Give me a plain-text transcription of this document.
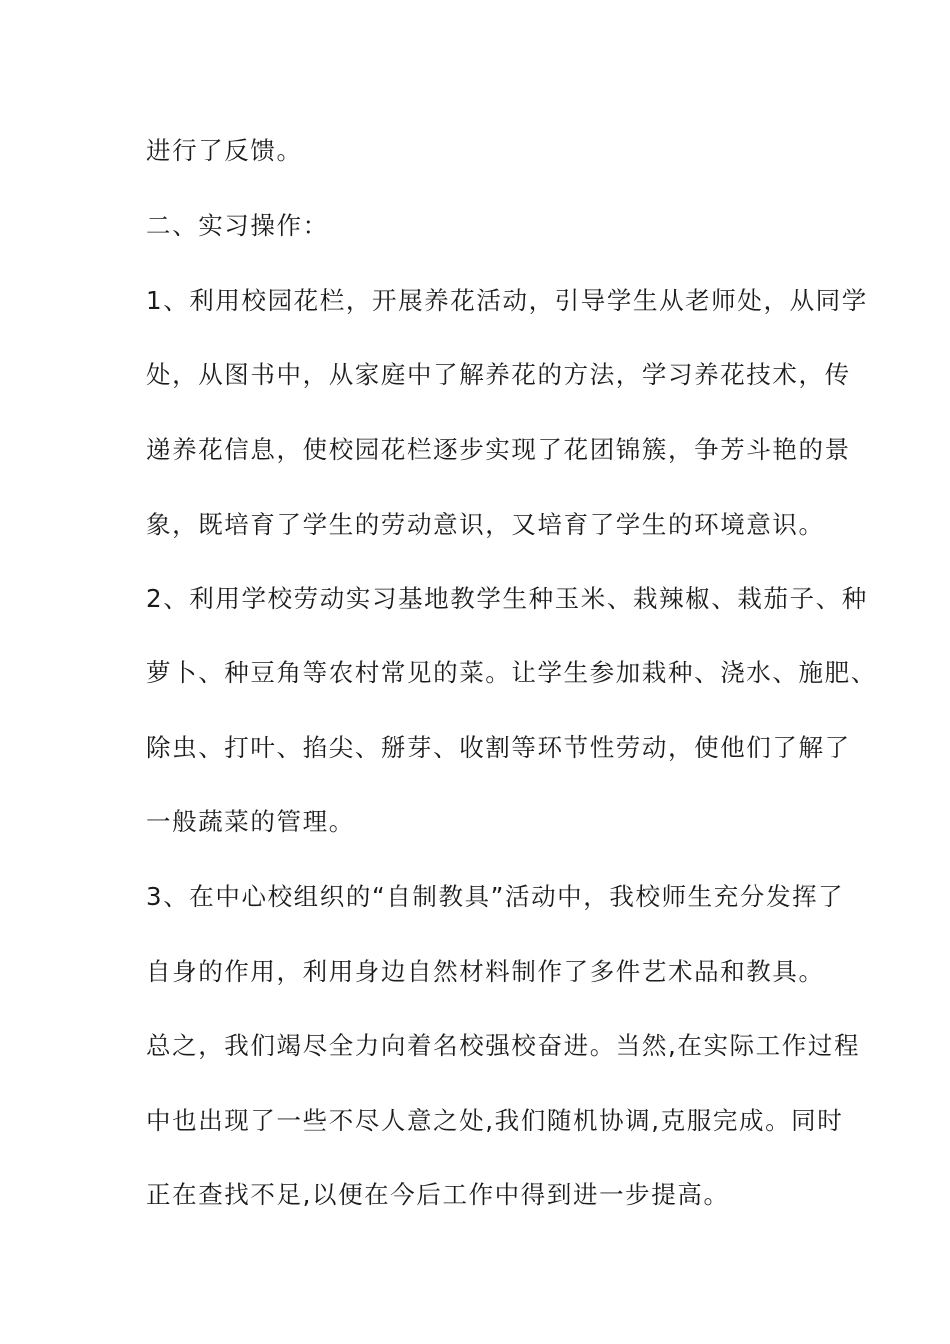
进行了反馈。
二、实习操作：
1、利用校园花栏，开展养花活动，引导学生从老师处，从同学
处，从图书中，从家庭中了解养花的方法，学习养花技术，传
递养花信息，使校园花栏逐步实现了花团锦簇，争芳斗艳的景
象，既培育了学生的劳动意识，又培育了学生的环境意识。
2、利用学校劳动实习基地教学生种玉米、栽辣椒、栽茄子、种
萝卜、种豆角等农村常见的菜。让学生参加栽种、浇水、施肥、
除虫、打叶、掐尖、掰芽、收割等环节性劳动，使他们了解了
一般蔬菜的管理。
3、在中心校组织的“自制教具”活动中，我校师生充分发挥了
自身的作用，利用身边自然材料制作了多件艺术品和教具。
总之，我们竭尽全力向着名校强校奋进。当然,在实际工作过程
中也出现了一些不尽人意之处,我们随机协调,克服完成。同时
正在查找不足,以便在今后工作中得到进一步提高。
